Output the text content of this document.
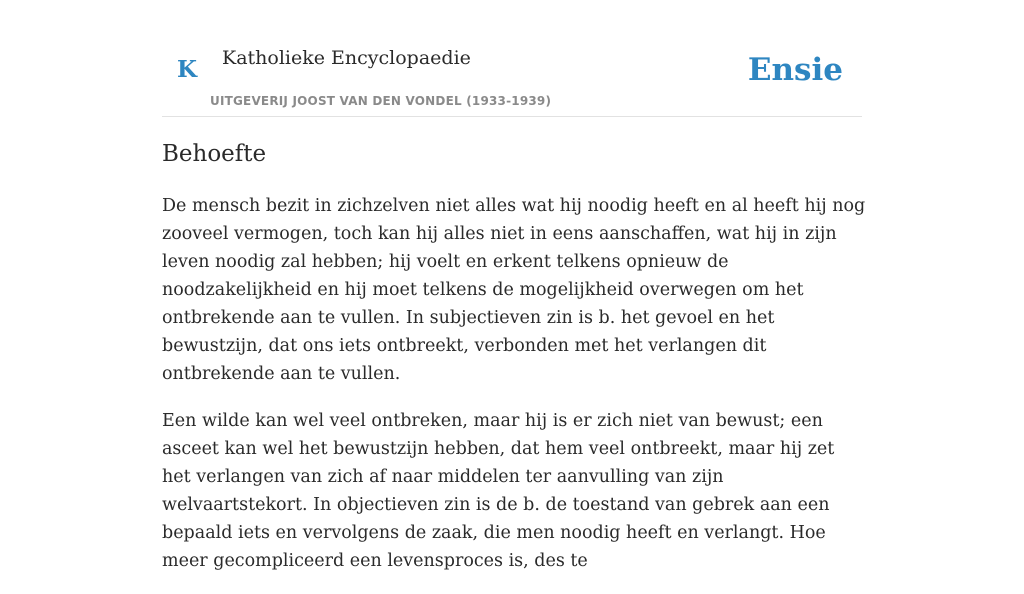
K Katholieke Encyclopaedie
UITGEVERIJ JOOST VAN DEN VONDEL (1933-1939)
Ensie
Behoefte

De mensch bezit in zichzelven niet alles wat hij noodig heeft en al heeft hij nog zooveel vermogen, toch kan hij alles niet in eens aanschaffen, wat hij in zijn leven noodig zal hebben; hij voelt en erkent telkens opnieuw de noodzakelijkheid en hij moet telkens de mogelijkheid overwegen om het ontbrekende aan te vullen. In subjectieven zin is b. het gevoel en het bewustzijn, dat ons iets ontbreekt, verbonden met het verlangen dit ontbrekende aan te vullen.

Een wilde kan wel veel ontbreken, maar hij is er zich niet van bewust; een asceet kan wel het bewustzijn hebben, dat hem veel ontbreekt, maar hij zet het verlangen van zich af naar middelen ter aanvulling van zijn welvaartstekort. In objectieven zin is de b. de toestand van gebrek aan een bepaald iets en vervolgens de zaak, die men noodig heeft en verlangt. Hoe meer gecompliceerd een levensproces is, des te
